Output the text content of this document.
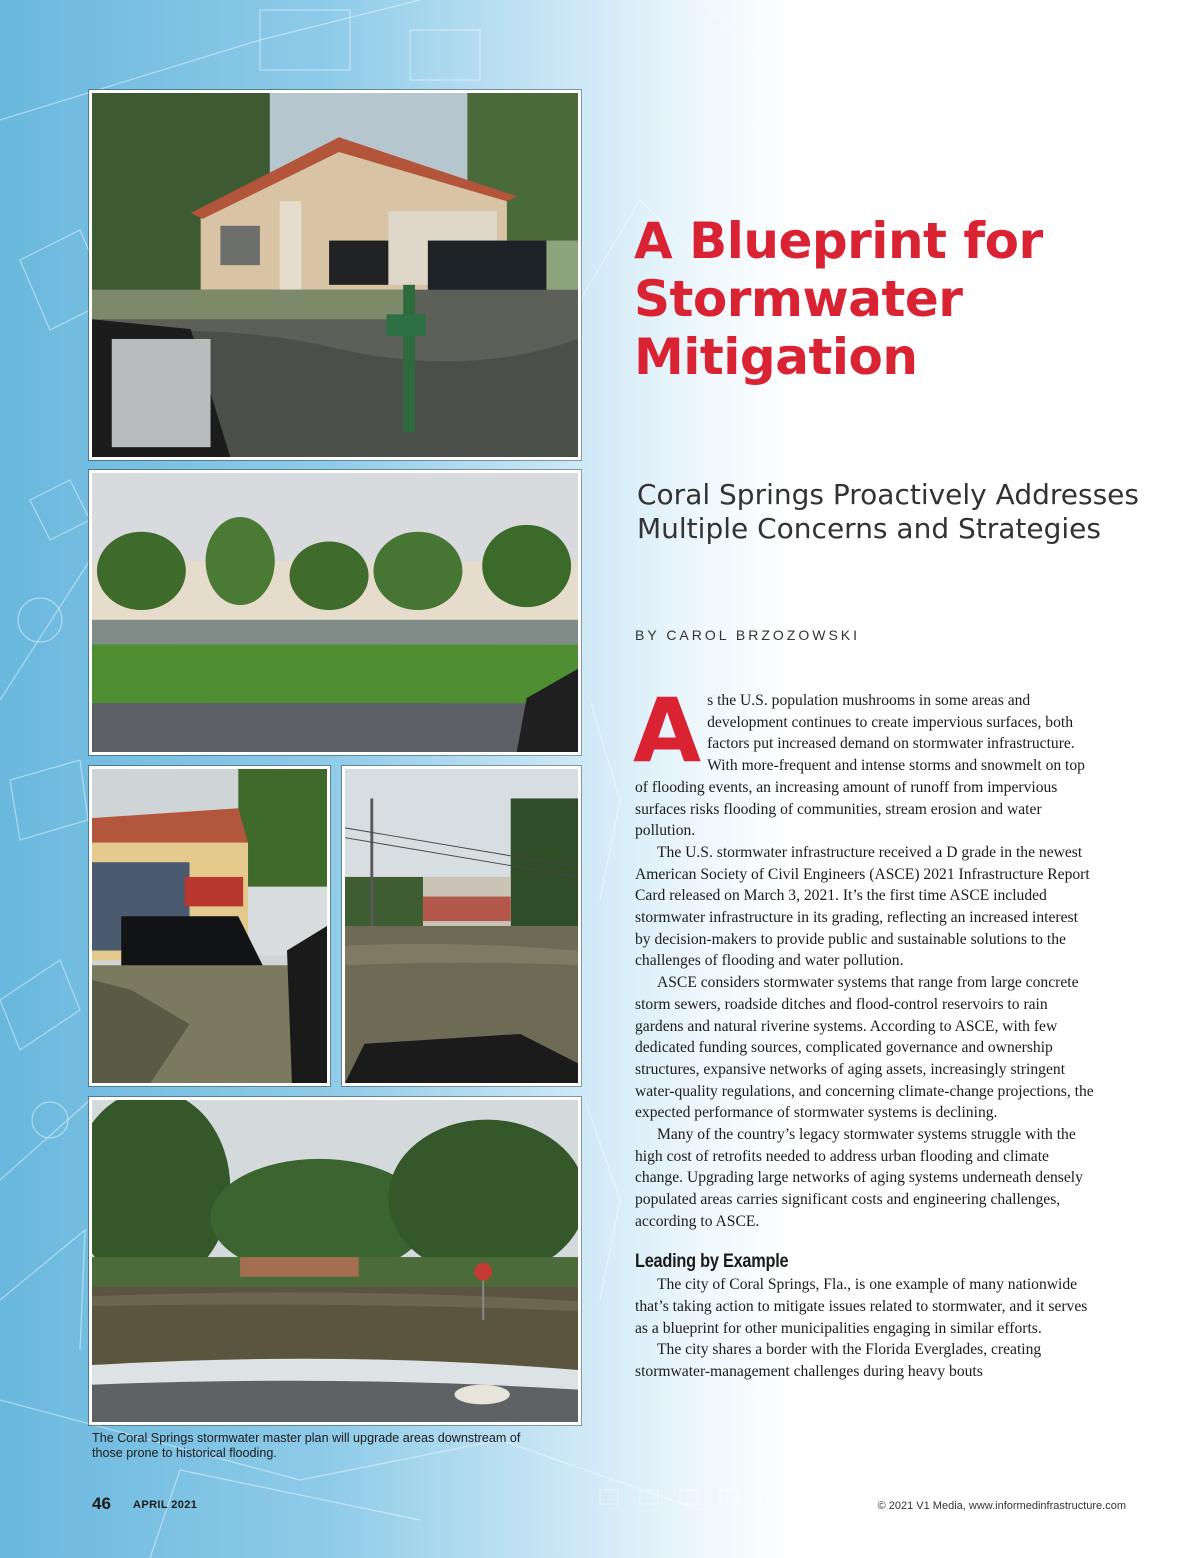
The Coral Springs stormwater master plan will upgrade areas downstream of those prone to historical flooding.
A Blueprint for Stormwater Mitigation
Coral Springs Proactively Addresses Multiple Concerns and Strategies
BY CAROL BRZOZOWSKI

As the U.S. population mushrooms in some areas and development continues to create impervious surfaces, both factors put increased demand on stormwater infrastructure. With more-frequent and intense storms and snowmelt on top of flooding events, an increasing amount of runoff from impervious surfaces risks flooding of communities, stream erosion and water pollution.

The U.S. stormwater infrastructure received a D grade in the newest American Society of Civil Engineers (ASCE) 2021 Infrastructure Report Card released on March 3, 2021. It’s the first time ASCE included stormwater infrastructure in its grading, reflecting an increased interest by decision-makers to provide public and sustainable solutions to the challenges of flooding and water pollution.

ASCE considers stormwater systems that range from large concrete storm sewers, roadside ditches and flood-control reservoirs to rain gardens and natural riverine systems. According to ASCE, with few dedicated funding sources, complicated governance and ownership structures, expansive networks of aging assets, increasingly stringent water-quality regulations, and concerning climate-change projections, the expected performance of stormwater systems is declining.

Many of the country’s legacy stormwater systems struggle with the high cost of retrofits needed to address urban flooding and climate change. Upgrading large networks of aging systems underneath densely populated areas carries significant costs and engineering challenges, according to ASCE.

Leading by Example

The city of Coral Springs, Fla., is one example of many nationwide that’s taking action to mitigate issues related to stormwater, and it serves as a blueprint for other municipalities engaging in similar efforts.

The city shares a border with the Florida Everglades, creating stormwater-management challenges during heavy bouts

46 APRIL 2021	© 2021 V1 Media, www.informedinfrastructure.com
